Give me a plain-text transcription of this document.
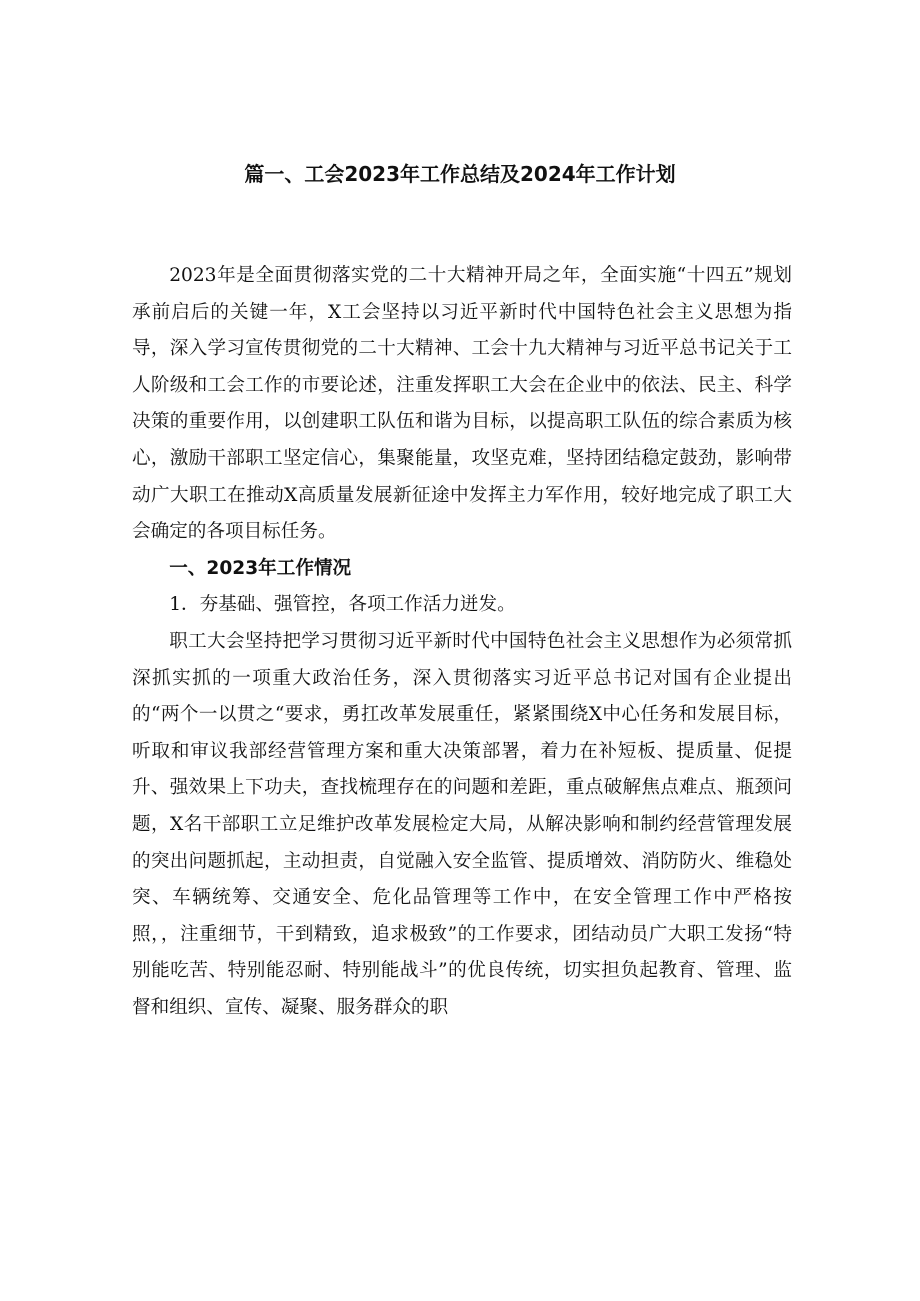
篇一、工会2023年工作总结及2024年工作计划

2023年是全面贯彻落实党的二十大精神开局之年，全面实施“十四五”规划承前启后的关键一年，X工会坚持以习近平新时代中国特色社会主义思想为指导，深入学习宣传贯彻党的二十大精神、工会十九大精神与习近平总书记关于工人阶级和工会工作的市要论述，注重发挥职工大会在企业中的依法、民主、科学决策的重要作用，以创建职工队伍和谐为目标，以提高职工队伍的综合素质为核心，激励干部职工坚定信心，集聚能量，攻坚克难，坚持团结稳定鼓劲，影响带动广大职工在推动X高质量发展新征途中发挥主力军作用，较好地完成了职工大会确定的各项目标任务。

一、2023年工作情况

1．夯基础、强管控，各项工作活力迸发。

职工大会坚持把学习贯彻习近平新时代中国特色社会主义思想作为必须常抓深抓实抓的一项重大政治任务，深入贯彻落实习近平总书记对国有企业提出的“两个一以贯之“要求，勇扛改革发展重任，紧紧围绕X中心任务和发展目标，听取和审议我部经营管理方案和重大决策部署，着力在补短板、提质量、促提升、强效果上下功夫，查找梳理存在的问题和差距，重点破解焦点难点、瓶颈问题，X名干部职工立足维护改革发展检定大局，从解决影响和制约经营管理发展的突出问题抓起，主动担责，自觉融入安全监管、提质增效、消防防火、维稳处突、车辆统筹、交通安全、危化品管理等工作中，在安全管理工作中严格按照，，注重细节，干到精致，追求极致”的工作要求，团结动员广大职工发扬“特别能吃苦、特别能忍耐、特别能战斗”的优良传统，切实担负起教育、管理、监督和组织、宣传、凝聚、服务群众的职
